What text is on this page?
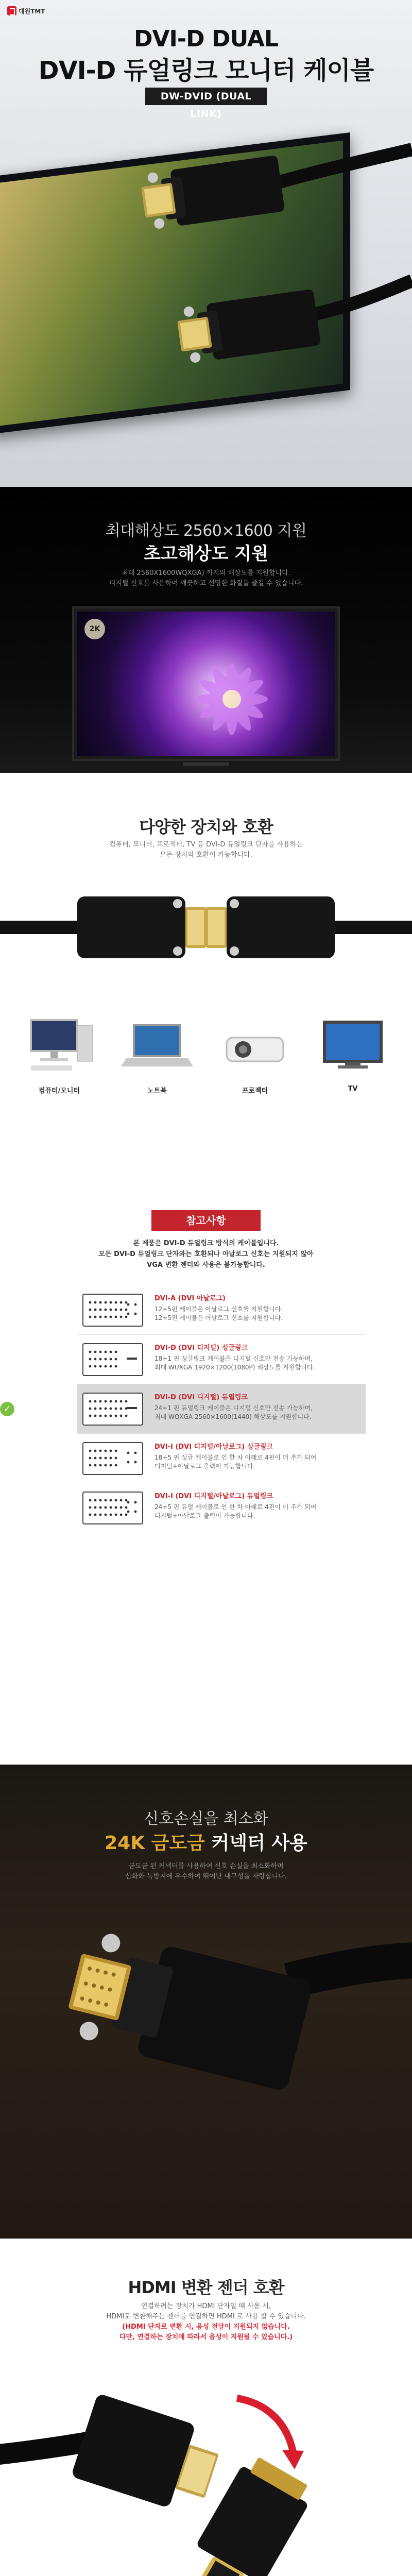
대원TMT
DVI-D DUAL
DVI-D 듀얼링크 모니터 케이블
DW-DVID (DUAL LINK)
최대해상도 2560×1600 지원
초고해상도 지원
최대 2560X1600WQXGA) 까지의 해상도를 지원합니다.
디지털 신호를 사용하여 깨끗하고 선명한 화질을 즐길 수 있습니다.
2K
다양한 장치와 호환
컴퓨터, 모니터, 프로젝터, TV 등 DVI-D 듀얼링크 단자를 사용하는
모든 장치와 호환이 가능합니다.
컴퓨터/모니터	노트북	프로젝터	TV
참고사항
본 제품은 DVI-D 듀얼링크 방식의 케이블입니다.
모든 DVI-D 듀얼링크 단자와는 호환되나 아날로그 신호는 지원되지 않아
VGA 변환 젠더와 사용은 불가능합니다.
DVI-A (DVI 아날로그)
12+5핀 케이블은 아날로그 신호를 지원합니다.
12+5핀 케이블은 아날로그 신호를 지원합니다.
DVI-D (DVI 디지털) 싱글링크
18+1 핀 싱글링크 케이블은 디지털 신호만 전송 가능하며,
최대 WUXGA 1920×1200(1080P) 해상도를 지원합니다.
✓
DVI-D (DVI 디지털) 듀얼링크
24+1 핀 듀얼링크 케이블은 디지털 신호만 전송 가능하며,
최대 WQXGA 2560×1600(1440) 해상도를 지원합니다.
DVI-I (DVI 디지털/아날로그) 싱글링크
18+5 핀 싱글 케이블로 인 한 차 아래로 4핀이 더 추가 되어
디지털+아날로그 출력이 가능합니다.
DVI-I (DVI 디지털/아날로그) 듀얼링크
24+5 핀 듀얼 케이블로 인 한 차 아래로 4핀이 더 추가 되어
디지털+아날로그 출력이 가능합니다.
신호손실을 최소화
24K 금도금 커넥터 사용
금도금 된 커넥터를 사용하여 신호 손실을 최소화하며
산화와 녹방지에 우수하여 뛰어난 내구성을 자랑합니다.
HDMI 변환 젠더 호환
연결하려는 장치가 HDMI 단자일 때 사용 시,
HDMI로 변환해주는 젠더를 연결하면 HDMI 로 사용 할 수 있습니다.
(HDMI 단자로 변환 시, 음성 전달이 지원되지 않습니다.
다만, 연결하는 장치에 따라서 음성이 지원될 수 있습니다.)
